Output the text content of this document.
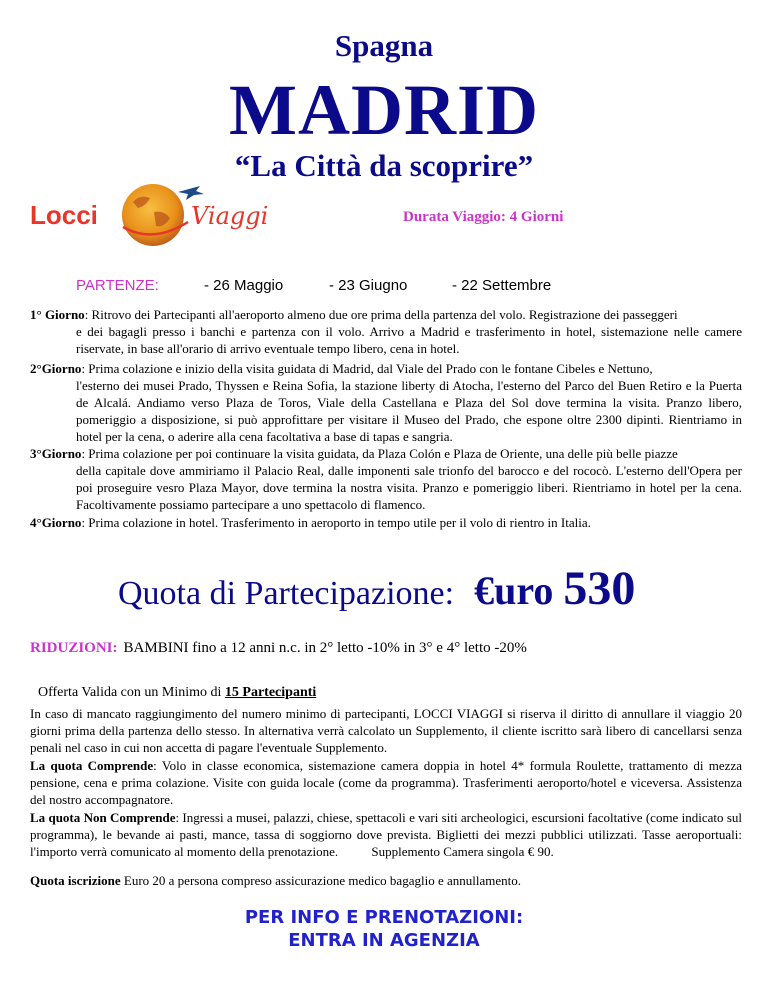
Spagna
MADRID
“La Città da scoprire”
Locci	Viaggi	Durata Viaggio: 4 Giorni
PARTENZE:	- 26 Maggio	- 23 Giugno	- 22 Settembre
1° Giorno: Ritrovo dei Partecipanti all'aeroporto almeno due ore prima della partenza del volo. Registrazione dei passeggeri
e dei bagagli presso i banchi e partenza con il volo. Arrivo a Madrid e trasferimento in hotel, sistemazione nelle camere riservate, in base all'orario di arrivo eventuale tempo libero, cena in hotel.
2°Giorno: Prima colazione e inizio della visita guidata di Madrid, dal Viale del Prado con le fontane Cibeles e Nettuno,
l'esterno dei musei Prado, Thyssen e Reina Sofia, la stazione liberty di Atocha, l'esterno del Parco del Buen Retiro e la Puerta de Alcalá. Andiamo verso Plaza de Toros, Viale della Castellana e Plaza del Sol dove termina la visita. Pranzo libero, pomeriggio a disposizione, si può approfittare per visitare il Museo del Prado, che espone oltre 2300 dipinti. Rientriamo in hotel per la cena, o aderire alla cena facoltativa a base di tapas e sangria.
3°Giorno: Prima colazione per poi continuare la visita guidata, da Plaza Colón e Plaza de Oriente, una delle più belle piazze
della capitale dove ammiriamo il Palacio Real, dalle imponenti sale trionfo del barocco e del rococò. L'esterno dell'Opera per poi proseguire vesro Plaza Mayor, dove termina la nostra visita. Pranzo e pomeriggio liberi. Rientriamo in hotel per la cena. Facoltivamente possiamo partecipare a uno spettacolo di flamenco.
4°Giorno: Prima colazione in hotel. Trasferimento in aeroporto in tempo utile per il volo di rientro in Italia.
Quota di Partecipazione: €uro 530
RIDUZIONI: BAMBINI fino a 12 anni n.c. in 2° letto -10% in 3° e 4° letto -20%
Offerta Valida con un Minimo di 15 Partecipanti
In caso di mancato raggiungimento del numero minimo di partecipanti, LOCCI VIAGGI si riserva il diritto di annullare il viaggio 20 giorni prima della partenza dello stesso. In alternativa verrà calcolato un Supplemento, il cliente iscritto sarà libero di cancellarsi senza penali nel caso in cui non accetta di pagare l'eventuale Supplemento.
La quota Comprende: Volo in classe economica, sistemazione camera doppia in hotel 4* formula Roulette, trattamento di mezza pensione, cena e prima colazione. Visite con guida locale (come da programma). Trasferimenti aeroporto/hotel e viceversa. Assistenza del nostro accompagnatore.
La quota Non Comprende: Ingressi a musei, palazzi, chiese, spettacoli e vari siti archeologici, escursioni facoltative (come indicato sul programma), le bevande ai pasti, mance, tassa di soggiorno dove prevista. Biglietti dei mezzi pubblici utilizzati. Tasse aeroportuali: l'importo verrà comunicato al momento della prenotazione.	Supplemento Camera singola € 90.
Quota iscrizione Euro 20 a persona compreso assicurazione medico bagaglio e annullamento.
PER INFO E PRENOTAZIONI:
ENTRA IN AGENZIA
